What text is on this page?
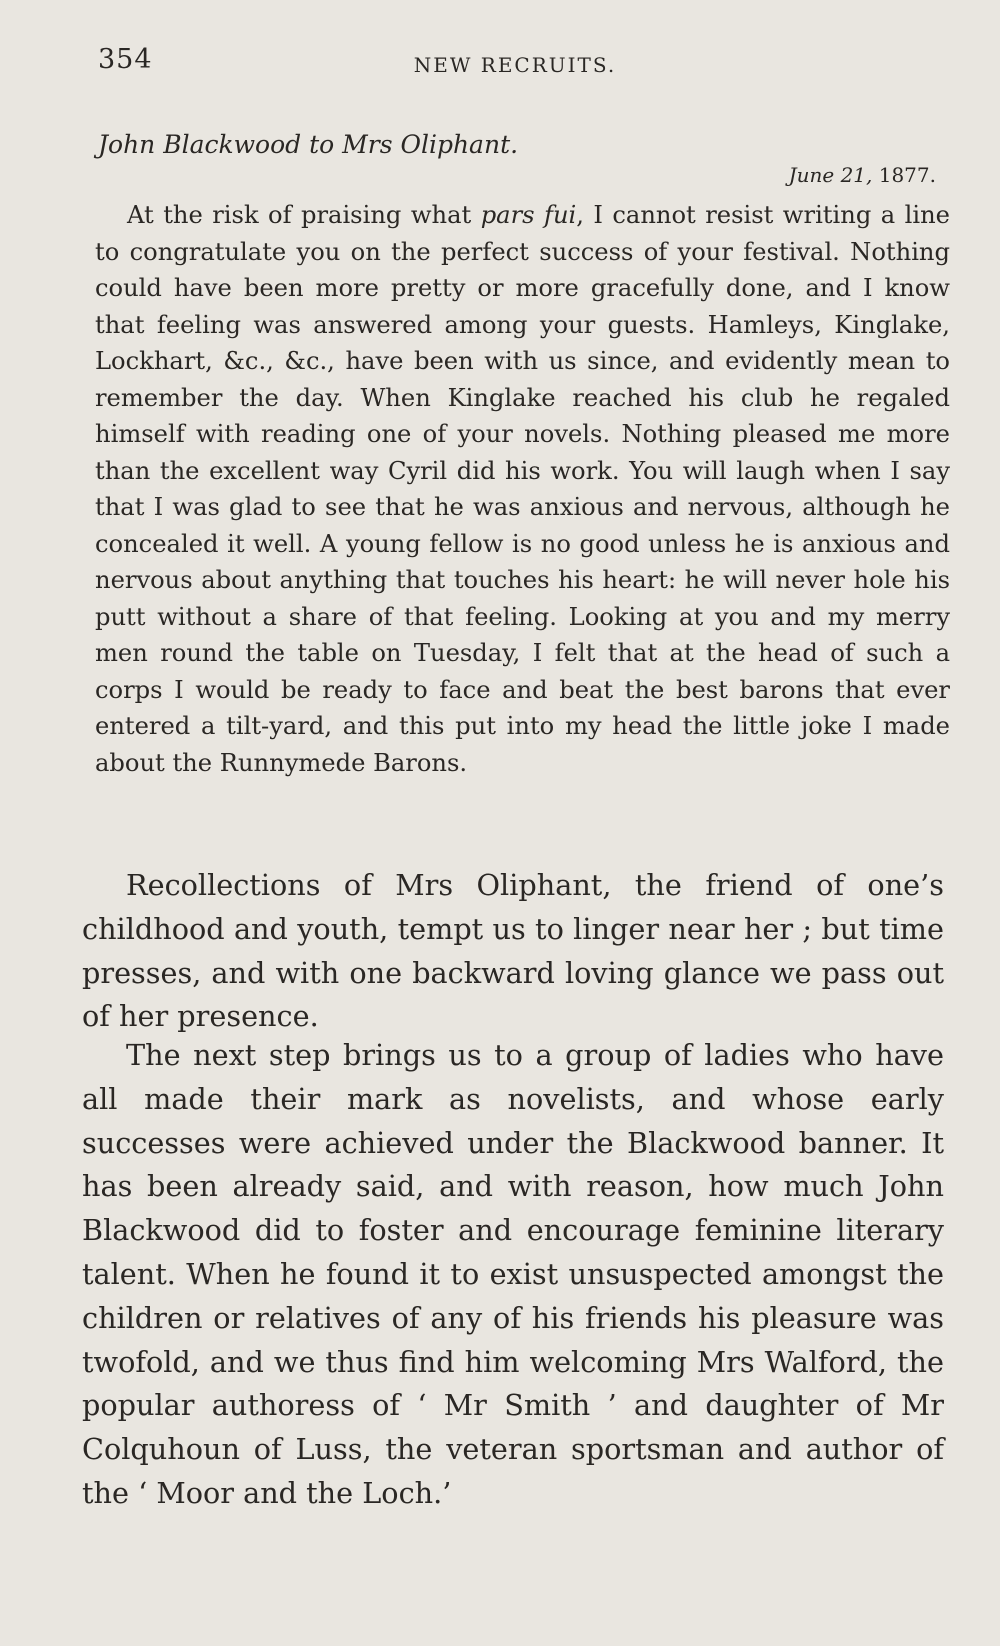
354	NEW RECRUITS.
John Blackwood to Mrs Oliphant.
June 21, 1877.

At the risk of praising what pars fui, I cannot resist writing a line to congratulate you on the perfect success of your festival. Nothing could have been more pretty or more gracefully done, and I know that feeling was answered among your guests. Hamleys, Kinglake, Lockhart, &c., &c., have been with us since, and evidently mean to remember the day. When Kinglake reached his club he regaled himself with reading one of your novels. Nothing pleased me more than the excellent way Cyril did his work. You will laugh when I say that I was glad to see that he was anxious and nervous, although he concealed it well. A young fellow is no good unless he is anxious and nervous about anything that touches his heart: he will never hole his putt without a share of that feeling. Looking at you and my merry men round the table on Tuesday, I felt that at the head of such a corps I would be ready to face and beat the best barons that ever entered a tilt-yard, and this put into my head the little joke I made about the Runnymede Barons.

Recollections of Mrs Oliphant, the friend of one’s childhood and youth, tempt us to linger near her ; but time presses, and with one backward loving glance we pass out of her presence.

The next step brings us to a group of ladies who have all made their mark as novelists, and whose early successes were achieved under the Blackwood banner. It has been already said, and with reason, how much John Blackwood did to foster and encourage feminine literary talent. When he found it to exist unsuspected amongst the children or relatives of any of his friends his pleasure was twofold, and we thus find him welcoming Mrs Walford, the popular authoress of ‘ Mr Smith ’ and daughter of Mr Colquhoun of Luss, the veteran sportsman and author of the ‘ Moor and the Loch.’
